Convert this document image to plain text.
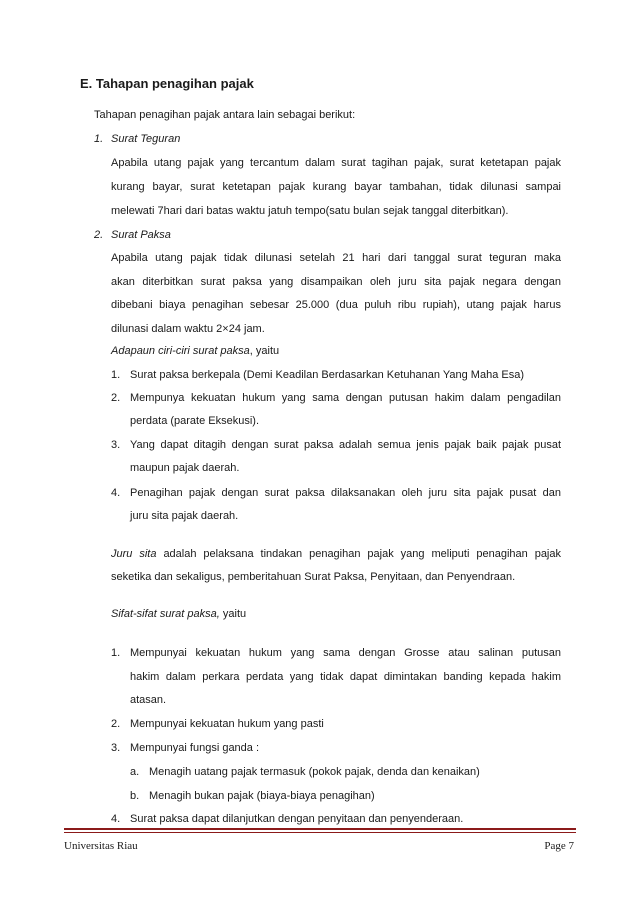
E. Tahapan penagihan pajak
Tahapan penagihan pajak antara lain sebagai berikut:
1. Surat Teguran
Apabila utang pajak yang tercantum dalam surat tagihan pajak, surat ketetapan pajak
kurang bayar, surat ketetapan pajak kurang bayar tambahan, tidak dilunasi sampai
melewati 7hari dari batas waktu jatuh tempo(satu bulan sejak tanggal diterbitkan).
2. Surat Paksa
Apabila utang pajak tidak dilunasi setelah 21 hari dari tanggal surat teguran maka
akan diterbitkan surat paksa yang disampaikan oleh juru sita pajak negara dengan
dibebani biaya penagihan sebesar 25.000 (dua puluh ribu rupiah), utang pajak harus
dilunasi dalam waktu 2×24 jam.
Adapaun ciri-ciri surat paksa, yaitu
1. Surat paksa berkepala (Demi Keadilan Berdasarkan Ketuhanan Yang Maha Esa)
2. Mempunya kekuatan hukum yang sama dengan putusan hakim dalam pengadilan
perdata (parate Eksekusi).
3. Yang dapat ditagih dengan surat paksa adalah semua jenis pajak baik pajak pusat
maupun pajak daerah.
4. Penagihan pajak dengan surat paksa dilaksanakan oleh juru sita pajak pusat dan
juru sita pajak daerah.
Juru sita adalah pelaksana tindakan penagihan pajak yang meliputi penagihan pajak
seketika dan sekaligus, pemberitahuan Surat Paksa, Penyitaan, dan Penyendraan.
Sifat-sifat surat paksa, yaitu
1. Mempunyai kekuatan hukum yang sama dengan Grosse atau salinan putusan
hakim dalam perkara perdata yang tidak dapat dimintakan banding kepada hakim
atasan.
2. Mempunyai kekuatan hukum yang pasti
3. Mempunyai fungsi ganda :
a. Menagih uatang pajak termasuk (pokok pajak, denda dan kenaikan)
b. Menagih bukan pajak (biaya-biaya penagihan)
4. Surat paksa dapat dilanjutkan dengan penyitaan dan penyenderaan.
Universitas Riau	Page 7
